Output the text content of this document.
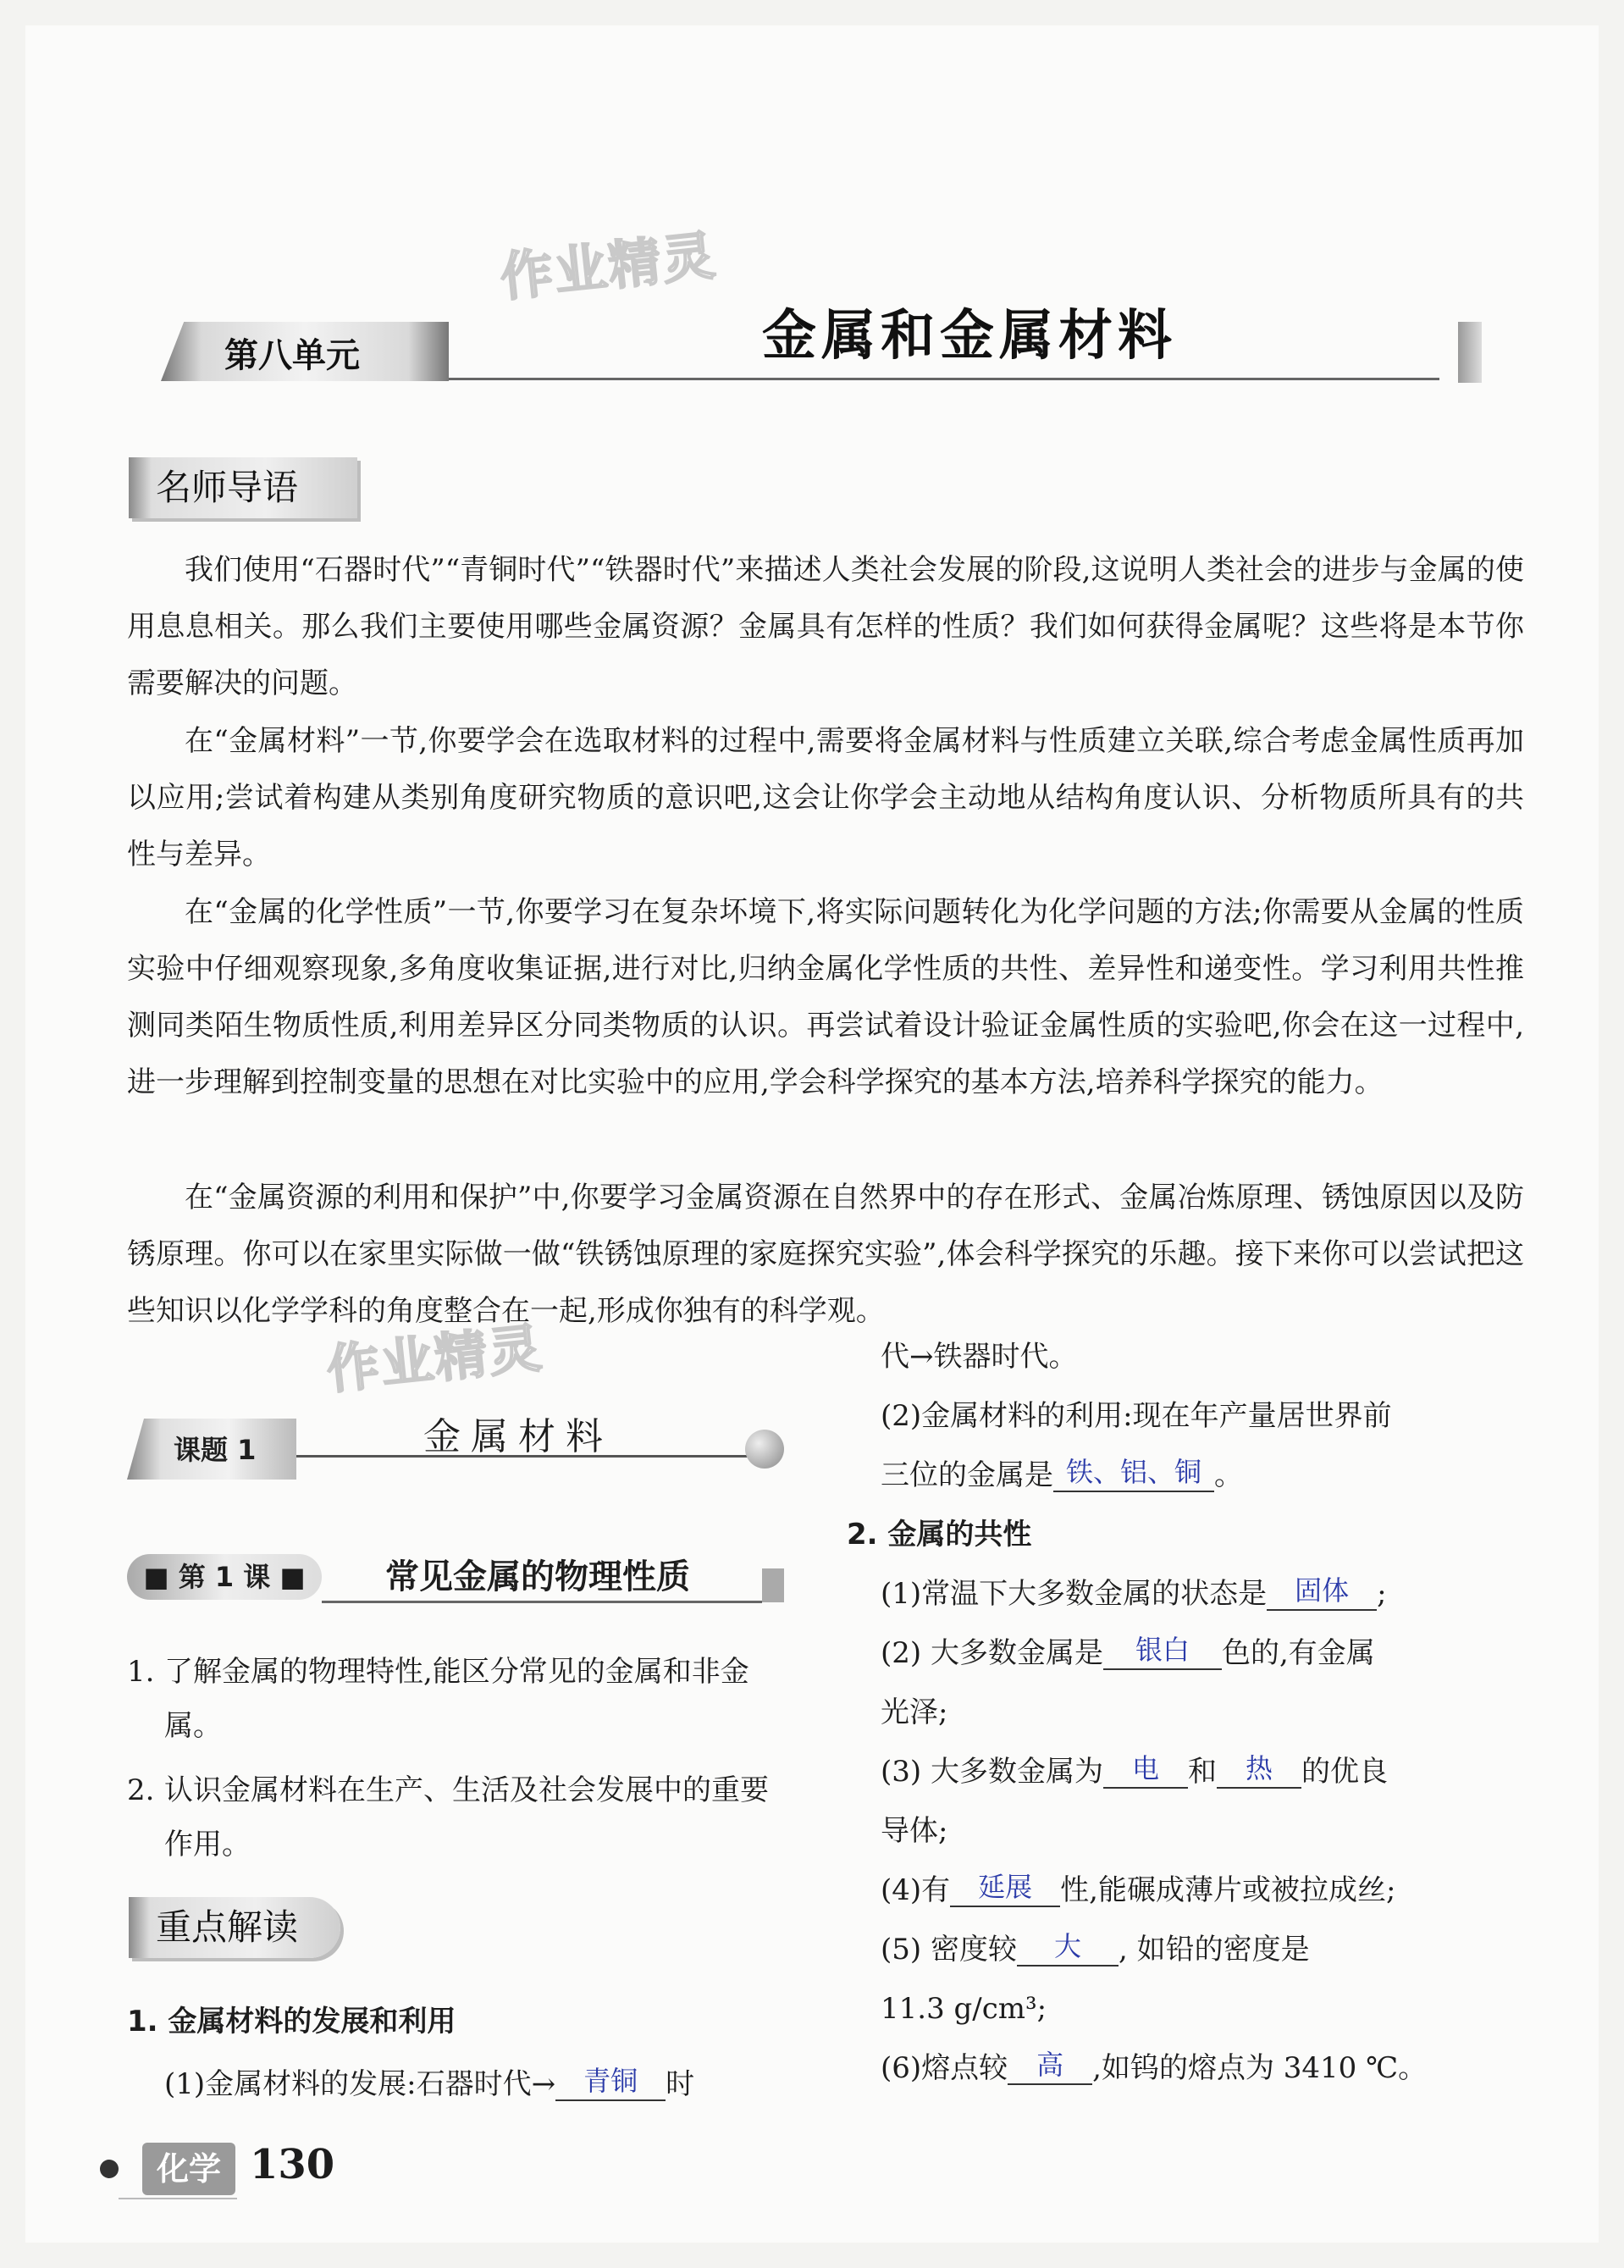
作业精灵
作业精灵
第八单元	金属和金属材料
名师导语
我们使用“石器时代”“青铜时代”“铁器时代”来描述人类社会发展的阶段,这说明人类社会的进步与金属的使用息息相关。那么我们主要使用哪些金属资源？金属具有怎样的性质？我们如何获得金属呢？这些将是本节你需要解决的问题。
在“金属材料”一节,你要学会在选取材料的过程中,需要将金属材料与性质建立关联,综合考虑金属性质再加以应用;尝试着构建从类别角度研究物质的意识吧,这会让你学会主动地从结构角度认识、分析物质所具有的共性与差异。
在“金属的化学性质”一节,你要学习在复杂坏境下,将实际问题转化为化学问题的方法;你需要从金属的性质实验中仔细观察现象,多角度收集证据,进行对比,归纳金属化学性质的共性、差异性和递变性。学习利用共性推测同类陌生物质性质,利用差异区分同类物质的认识。再尝试着设计验证金属性质的实验吧,你会在这一过程中,进一步理解到控制变量的思想在对比实验中的应用,学会科学探究的基本方法,培养科学探究的能力。
在“金属资源的利用和保护”中,你要学习金属资源在自然界中的存在形式、金属冶炼原理、锈蚀原因以及防锈原理。你可以在家里实际做一做“铁锈蚀原理的家庭探究实验”,体会科学探究的乐趣。接下来你可以尝试把这些知识以化学学科的角度整合在一起,形成你独有的科学观。
课题 1	金属材料
■ 第 1 课 ■	常见金属的物理性质
1. 了解金属的物理特性,能区分常见的金属和非金属。
2. 认识金属材料在生产、生活及社会发展中的重要作用。
重点解读
1. 金属材料的发展和利用
(1)金属材料的发展:石器时代→ 青铜 时
代→铁器时代。
(2)金属材料的利用:现在年产量居世界前
三位的金属是 铁、铝、铜 。
2. 金属的共性
(1)常温下大多数金属的状态是 固体 ;
(2) 大多数金属是 银白 色的,有金属
光泽;
(3) 大多数金属为 电 和 热 的优良
导体;
(4)有 延展 性,能碾成薄片或被拉成丝;
(5) 密度较 大 , 如铅的密度是
11.3 g/cm³;
(6)熔点较 高 ,如钨的熔点为 3410 ℃。
化学 130
